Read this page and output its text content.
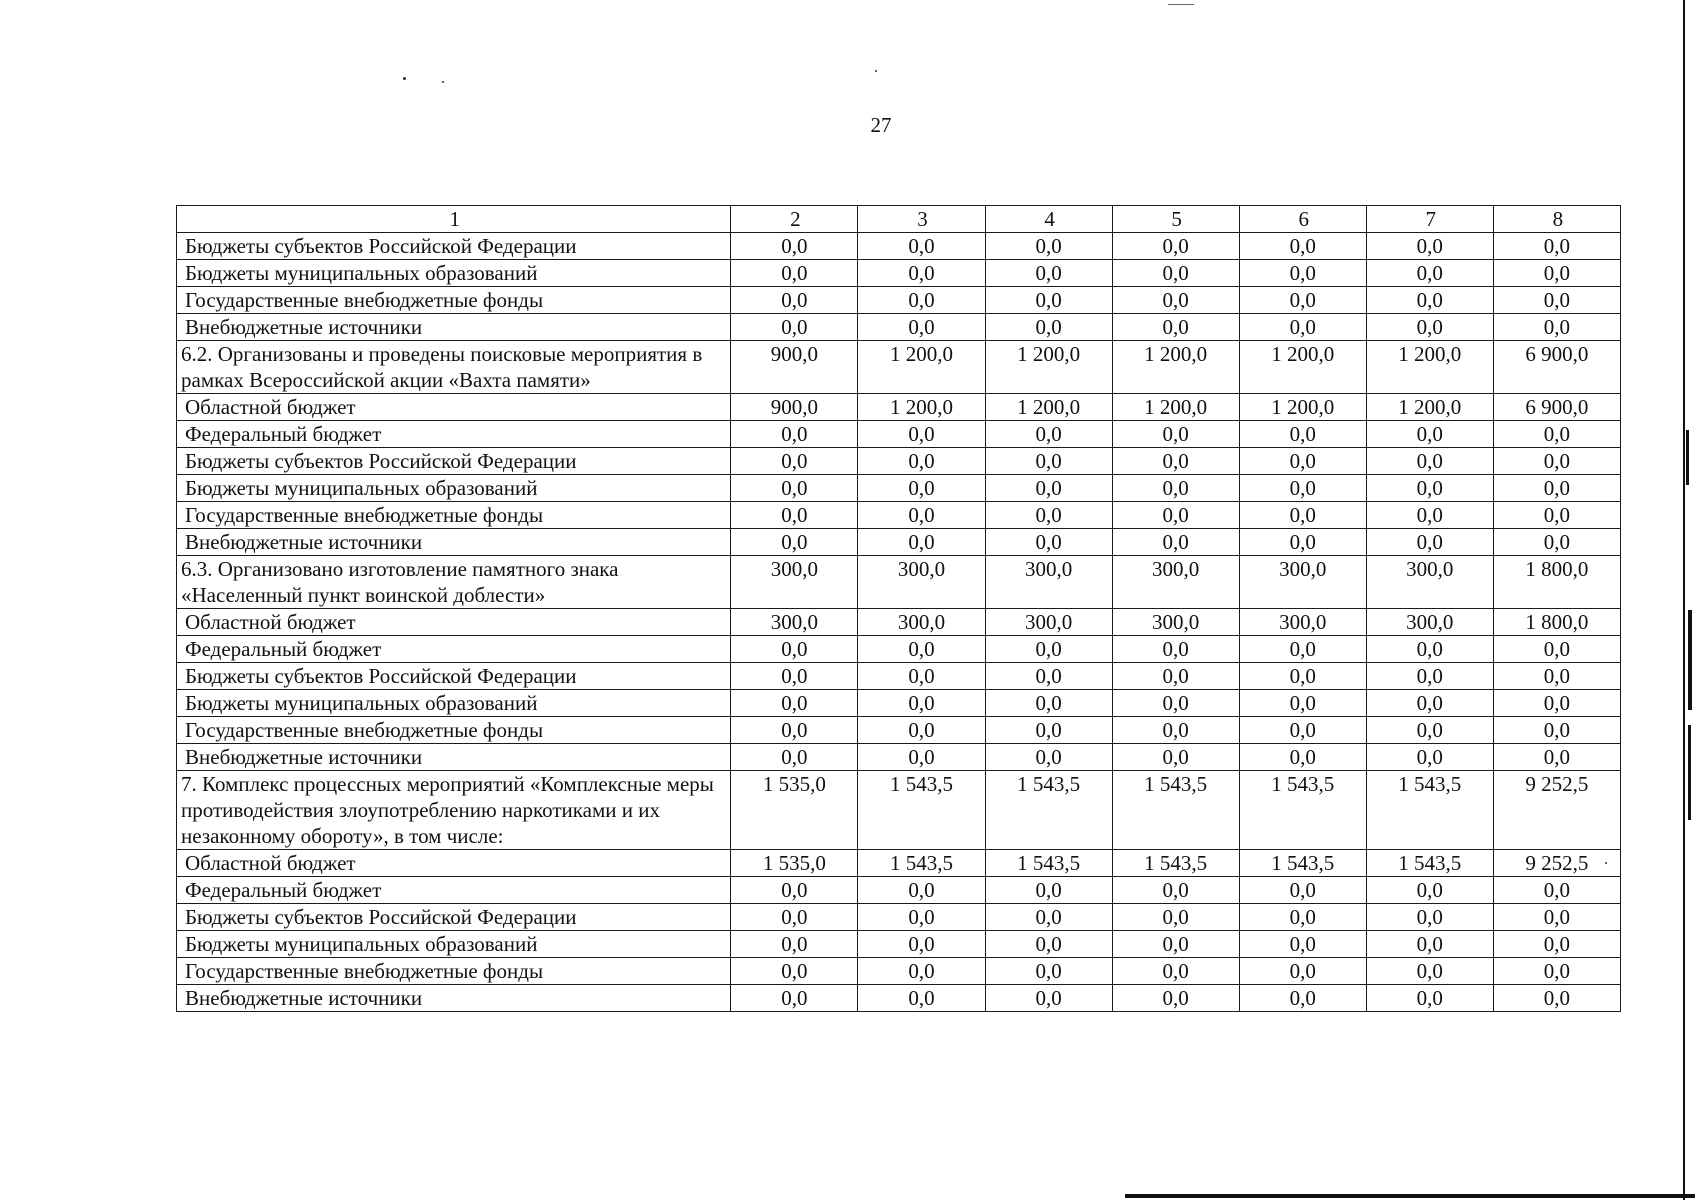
27
1	2	3	4	5	6	7	8
Бюджеты субъектов Российской Федерации	0,0	0,0	0,0	0,0	0,0	0,0	0,0
Бюджеты муниципальных образований	0,0	0,0	0,0	0,0	0,0	0,0	0,0
Государственные внебюджетные фонды	0,0	0,0	0,0	0,0	0,0	0,0	0,0
Внебюджетные источники	0,0	0,0	0,0	0,0	0,0	0,0	0,0
6.2. Организованы и проведены поисковые мероприятия в рамках Всероссийской акции «Вахта памяти»	900,0	1 200,0	1 200,0	1 200,0	1 200,0	1 200,0	6 900,0
Областной бюджет	900,0	1 200,0	1 200,0	1 200,0	1 200,0	1 200,0	6 900,0
Федеральный бюджет	0,0	0,0	0,0	0,0	0,0	0,0	0,0
Бюджеты субъектов Российской Федерации	0,0	0,0	0,0	0,0	0,0	0,0	0,0
Бюджеты муниципальных образований	0,0	0,0	0,0	0,0	0,0	0,0	0,0
Государственные внебюджетные фонды	0,0	0,0	0,0	0,0	0,0	0,0	0,0
Внебюджетные источники	0,0	0,0	0,0	0,0	0,0	0,0	0,0
6.3. Организовано изготовление памятного знака «Населенный пункт воинской доблести»	300,0	300,0	300,0	300,0	300,0	300,0	1 800,0
Областной бюджет	300,0	300,0	300,0	300,0	300,0	300,0	1 800,0
Федеральный бюджет	0,0	0,0	0,0	0,0	0,0	0,0	0,0
Бюджеты субъектов Российской Федерации	0,0	0,0	0,0	0,0	0,0	0,0	0,0
Бюджеты муниципальных образований	0,0	0,0	0,0	0,0	0,0	0,0	0,0
Государственные внебюджетные фонды	0,0	0,0	0,0	0,0	0,0	0,0	0,0
Внебюджетные источники	0,0	0,0	0,0	0,0	0,0	0,0	0,0
7. Комплекс процессных мероприятий «Комплексные меры противодействия злоупотреблению наркотиками и их незаконному обороту», в том числе:	1 535,0	1 543,5	1 543,5	1 543,5	1 543,5	1 543,5	9 252,5
Областной бюджет	1 535,0	1 543,5	1 543,5	1 543,5	1 543,5	1 543,5	9 252,5
Федеральный бюджет	0,0	0,0	0,0	0,0	0,0	0,0	0,0
Бюджеты субъектов Российской Федерации	0,0	0,0	0,0	0,0	0,0	0,0	0,0
Бюджеты муниципальных образований	0,0	0,0	0,0	0,0	0,0	0,0	0,0
Государственные внебюджетные фонды	0,0	0,0	0,0	0,0	0,0	0,0	0,0
Внебюджетные источники	0,0	0,0	0,0	0,0	0,0	0,0	0,0
